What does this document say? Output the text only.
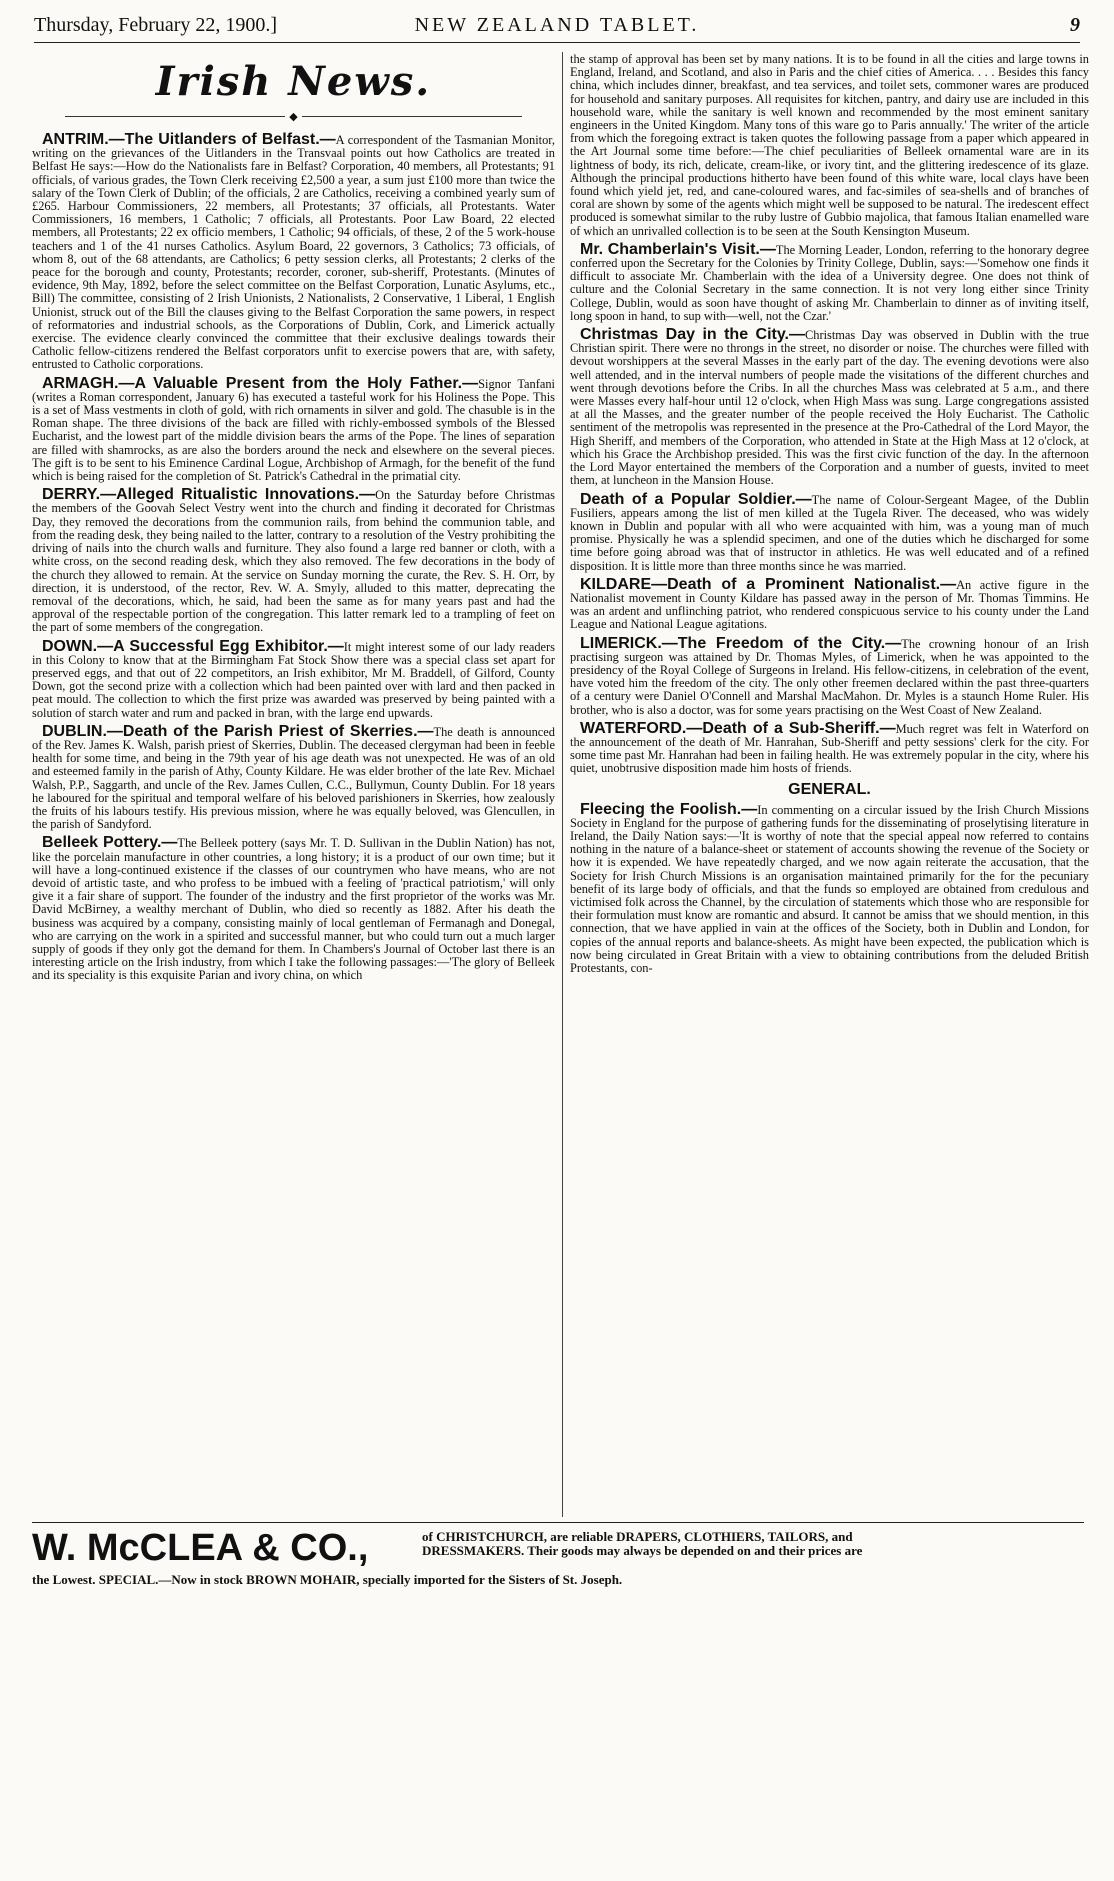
Thursday, February 22, 1900.]	NEW ZEALAND TABLET.	9
Irish News.
◆

ANTRIM.—The Uitlanders of Belfast.—A correspondent of the Tasmanian Monitor, writing on the grievances of the Uitlanders in the Transvaal points out how Catholics are treated in Belfast He says:—How do the Nationalists fare in Belfast? Corporation, 40 members, all Protestants; 91 officials, of various grades, the Town Clerk receiving £2,500 a year, a sum just £100 more than twice the salary of the Town Clerk of Dublin; of the officials, 2 are Catholics, receiving a combined yearly sum of £265. Harbour Commissioners, 22 members, all Protestants; 37 officials, all Protestants. Water Commissioners, 16 members, 1 Catholic; 7 officials, all Protestants. Poor Law Board, 22 elected members, all Protestants; 22 ex officio members, 1 Catholic; 94 officials, of these, 2 of the 5 work-house teachers and 1 of the 41 nurses Catholics. Asylum Board, 22 governors, 3 Catholics; 73 officials, of whom 8, out of the 68 attendants, are Catholics; 6 petty session clerks, all Protestants; 2 clerks of the peace for the borough and county, Protestants; recorder, coroner, sub-sheriff, Protestants. (Minutes of evidence, 9th May, 1892, before the select committee on the Belfast Corporation, Lunatic Asylums, etc., Bill) The committee, consisting of 2 Irish Unionists, 2 Nationalists, 2 Conservative, 1 Liberal, 1 English Unionist, struck out of the Bill the clauses giving to the Belfast Corporation the same powers, in respect of reformatories and industrial schools, as the Corporations of Dublin, Cork, and Limerick actually exercise. The evidence clearly convinced the committee that their exclusive dealings towards their Catholic fellow-citizens rendered the Belfast corporators unfit to exercise powers that are, with safety, entrusted to Catholic corporations.

ARMAGH.—A Valuable Present from the Holy Father.—Signor Tanfani (writes a Roman correspondent, January 6) has executed a tasteful work for his Holiness the Pope. This is a set of Mass vestments in cloth of gold, with rich ornaments in silver and gold. The chasuble is in the Roman shape. The three divisions of the back are filled with richly-embossed symbols of the Blessed Eucharist, and the lowest part of the middle division bears the arms of the Pope. The lines of separation are filled with shamrocks, as are also the borders around the neck and elsewhere on the several pieces. The gift is to be sent to his Eminence Cardinal Logue, Archbishop of Armagh, for the benefit of the fund which is being raised for the completion of St. Patrick's Cathedral in the primatial city.

DERRY.—Alleged Ritualistic Innovations.—On the Saturday before Christmas the members of the Goovah Select Vestry went into the church and finding it decorated for Christmas Day, they removed the decorations from the communion rails, from behind the communion table, and from the reading desk, they being nailed to the latter, contrary to a resolution of the Vestry prohibiting the driving of nails into the church walls and furniture. They also found a large red banner or cloth, with a white cross, on the second reading desk, which they also removed. The few decorations in the body of the church they allowed to remain. At the service on Sunday morning the curate, the Rev. S. H. Orr, by direction, it is understood, of the rector, Rev. W. A. Smyly, alluded to this matter, deprecating the removal of the decorations, which, he said, had been the same as for many years past and had the approval of the respectable portion of the congregation. This latter remark led to a trampling of feet on the part of some members of the congregation.

DOWN.—A Successful Egg Exhibitor.—It might interest some of our lady readers in this Colony to know that at the Birmingham Fat Stock Show there was a special class set apart for preserved eggs, and that out of 22 competitors, an Irish exhibitor, Mr M. Braddell, of Gilford, County Down, got the second prize with a collection which had been painted over with lard and then packed in peat mould. The collection to which the first prize was awarded was preserved by being painted with a solution of starch water and rum and packed in bran, with the large end upwards.

DUBLIN.—Death of the Parish Priest of Skerries.—The death is announced of the Rev. James K. Walsh, parish priest of Skerries, Dublin. The deceased clergyman had been in feeble health for some time, and being in the 79th year of his age death was not unexpected. He was of an old and esteemed family in the parish of Athy, County Kildare. He was elder brother of the late Rev. Michael Walsh, P.P., Saggarth, and uncle of the Rev. James Cullen, C.C., Bullymun, County Dublin. For 18 years he laboured for the spiritual and temporal welfare of his beloved parishioners in Skerries, how zealously the fruits of his labours testify. His previous mission, where he was equally beloved, was Glencullen, in the parish of Sandyford.

Belleek Pottery.—The Belleek pottery (says Mr. T. D. Sullivan in the Dublin Nation) has not, like the porcelain manufacture in other countries, a long history; it is a product of our own time; but it will have a long-continued existence if the classes of our countrymen who have means, who are not devoid of artistic taste, and who profess to be imbued with a feeling of 'practical patriotism,' will only give it a fair share of support. The founder of the industry and the first proprietor of the works was Mr. David McBirney, a wealthy merchant of Dublin, who died so recently as 1882. After his death the business was acquired by a company, consisting mainly of local gentleman of Fermanagh and Donegal, who are carrying on the work in a spirited and successful manner, but who could turn out a much larger supply of goods if they only got the demand for them. In Chambers's Journal of October last there is an interesting article on the Irish industry, from which I take the following passages:—'The glory of Belleek and its speciality is this exquisite Parian and ivory china, on which

the stamp of approval has been set by many nations. It is to be found in all the cities and large towns in England, Ireland, and Scotland, and also in Paris and the chief cities of America. . . . Besides this fancy china, which includes dinner, breakfast, and tea services, and toilet sets, commoner wares are produced for household and sanitary purposes. All requisites for kitchen, pantry, and dairy use are included in this household ware, while the sanitary is well known and recommended by the most eminent sanitary engineers in the United Kingdom. Many tons of this ware go to Paris annually.' The writer of the article from which the foregoing extract is taken quotes the following passage from a paper which appeared in the Art Journal some time before:—The chief peculiarities of Belleek ornamental ware are in its lightness of body, its rich, delicate, cream-like, or ivory tint, and the glittering iredescence of its glaze. Although the principal productions hitherto have been found of this white ware, local clays have been found which yield jet, red, and cane-coloured wares, and fac-similes of sea-shells and of branches of coral are shown by some of the agents which might well be supposed to be natural. The iredescent effect produced is somewhat similar to the ruby lustre of Gubbio majolica, that famous Italian enamelled ware of which an unrivalled collection is to be seen at the South Kensington Museum.

Mr. Chamberlain's Visit.—The Morning Leader, London, referring to the honorary degree conferred upon the Secretary for the Colonies by Trinity College, Dublin, says:—'Somehow one finds it difficult to associate Mr. Chamberlain with the idea of a University degree. One does not think of culture and the Colonial Secretary in the same connection. It is not very long either since Trinity College, Dublin, would as soon have thought of asking Mr. Chamberlain to dinner as of inviting itself, long spoon in hand, to sup with—well, not the Czar.'

Christmas Day in the City.—Christmas Day was observed in Dublin with the true Christian spirit. There were no throngs in the street, no disorder or noise. The churches were filled with devout worshippers at the several Masses in the early part of the day. The evening devotions were also well attended, and in the interval numbers of people made the visitations of the different churches and went through devotions before the Cribs. In all the churches Mass was celebrated at 5 a.m., and there were Masses every half-hour until 12 o'clock, when High Mass was sung. Large congregations assisted at all the Masses, and the greater number of the people received the Holy Eucharist. The Catholic sentiment of the metropolis was represented in the presence at the Pro-Cathedral of the Lord Mayor, the High Sheriff, and members of the Corporation, who attended in State at the High Mass at 12 o'clock, at which his Grace the Archbishop presided. This was the first civic function of the day. In the afternoon the Lord Mayor entertained the members of the Corporation and a number of guests, invited to meet them, at luncheon in the Mansion House.

Death of a Popular Soldier.—The name of Colour-Sergeant Magee, of the Dublin Fusiliers, appears among the list of men killed at the Tugela River. The deceased, who was widely known in Dublin and popular with all who were acquainted with him, was a young man of much promise. Physically he was a splendid specimen, and one of the duties which he discharged for some time before going abroad was that of instructor in athletics. He was well educated and of a refined disposition. It is little more than three months since he was married.

KILDARE—Death of a Prominent Nationalist.—An active figure in the Nationalist movement in County Kildare has passed away in the person of Mr. Thomas Timmins. He was an ardent and unflinching patriot, who rendered conspicuous service to his county under the Land League and National League agitations.

LIMERICK.—The Freedom of the City.—The crowning honour of an Irish practising surgeon was attained by Dr. Thomas Myles, of Limerick, when he was appointed to the presidency of the Royal College of Surgeons in Ireland. His fellow-citizens, in celebration of the event, have voted him the freedom of the city. The only other freemen declared within the past three-quarters of a century were Daniel O'Connell and Marshal MacMahon. Dr. Myles is a staunch Home Ruler. His brother, who is also a doctor, was for some years practising on the West Coast of New Zealand.

WATERFORD.—Death of a Sub-Sheriff.—Much regret was felt in Waterford on the announcement of the death of Mr. Hanrahan, Sub-Sheriff and petty sessions' clerk for the city. For some time past Mr. Hanrahan had been in failing health. He was extremely popular in the city, where his quiet, unobtrusive disposition made him hosts of friends.

GENERAL.

Fleecing the Foolish.—In commenting on a circular issued by the Irish Church Missions Society in England for the purpose of gathering funds for the disseminating of proselytising literature in Ireland, the Daily Nation says:—'It is worthy of note that the special appeal now referred to contains nothing in the nature of a balance-sheet or statement of accounts showing the revenue of the Society or how it is expended. We have repeatedly charged, and we now again reiterate the accusation, that the Society for Irish Church Missions is an organisation maintained primarily for the for the pecuniary benefit of its large body of officials, and that the funds so employed are obtained from credulous and victimised folk across the Channel, by the circulation of statements which those who are responsible for their formulation must know are romantic and absurd. It cannot be amiss that we should mention, in this connection, that we have applied in vain at the offices of the Society, both in Dublin and London, for copies of the annual reports and balance-sheets. As might have been expected, the publication which is now being circulated in Great Britain with a view to obtaining contributions from the deluded British Protestants, con-

W. McCLEA & CO.,	of CHRISTCHURCH, are reliable DRAPERS, CLOTHIERS, TAILORS, and
DRESSMAKERS. Their goods may always be depended on and their prices are
the Lowest. SPECIAL.—Now in stock BROWN MOHAIR, specially imported for the Sisters of St. Joseph.
